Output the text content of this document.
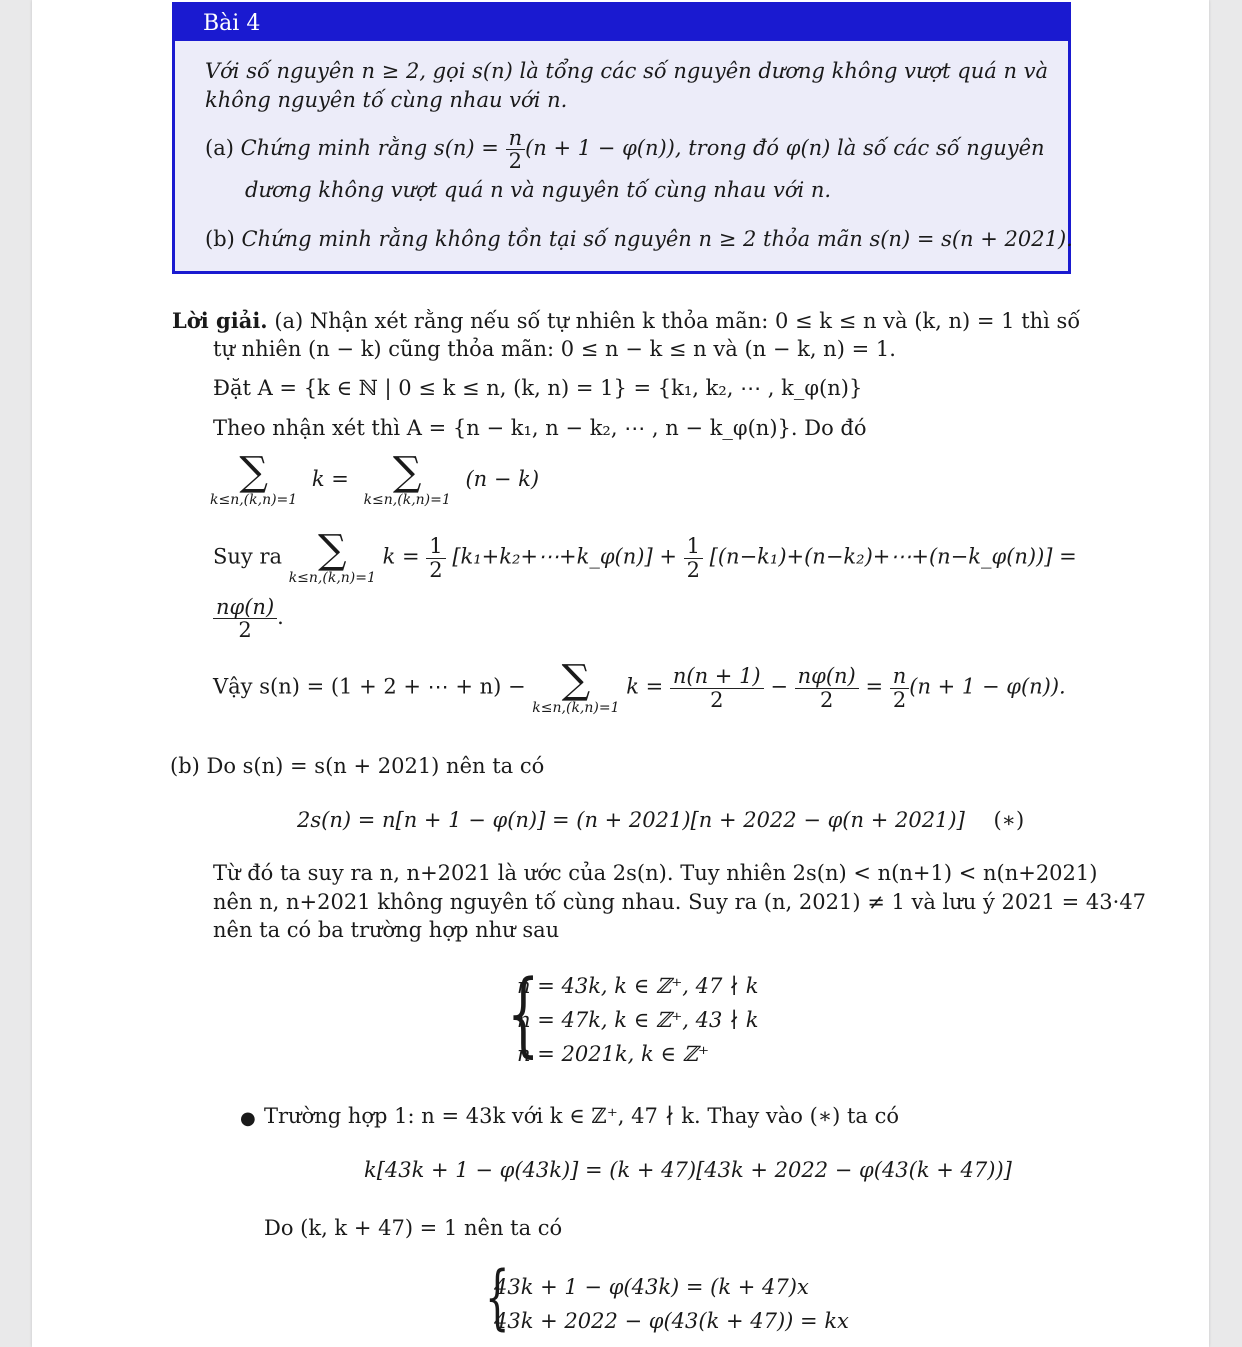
Bài 4
Với số nguyên n ≥ 2, gọi s(n) là tổng các số nguyên dương không vượt quá n và
không nguyên tố cùng nhau với n.
(a) Chứng minh rằng $s(n) = \frac{n}{2} (n + 1 - \varphi(n))$, trong đó φ(n) là số các số nguyên
dương không vượt quá n và nguyên tố cùng nhau với n.
(b) Chứng minh rằng không tồn tại số nguyên n ≥ 2 thỏa mãn s(n) = s(n + 2021).
Lời giải. (a) Nhận xét rằng nếu số tự nhiên k thỏa mãn: 0 ≤ k ≤ n và (k, n) = 1 thì số
tự nhiên (n − k) cũng thỏa mãn: 0 ≤ n − k ≤ n và (n − k, n) = 1.
Đặt A = {k ∈ ℕ | 0 ≤ k ≤ n, (k, n) = 1} = {k₁, k₂, ⋯ , k_φ(n)}
Theo nhận xét thì A = {n − k₁, n − k₂, ⋯ , n − k_φ(n)}. Do đó
∑
k≤n,(k,n)=1
k =	∑
k≤n,(k,n)=1
(n − k)
Suy ra ∑
k≤n,(k,n)=1
$k = \frac{1}{2}$ [k₁+k₂+⋯+k_φ(n)] + $\frac{1}{2}$ [(n−k₁)+(n−k₂)+⋯+(n−k_φ(n))] =
$\frac{n\varphi(n)}{2}$ .
Vậy s(n) = (1 + 2 + ⋯ + n) − ∑
k≤n,(k,n)=1
$k = \frac{n(n + 1)}{2} - \frac{n\varphi(n)}{2} = \frac{n}{2} (n + 1 - \varphi(n))$.
(b) Do s(n) = s(n + 2021) nên ta có
2s(n) = n[n + 1 − φ(n)] = (n + 2021)[n + 2022 − φ(n + 2021)] (∗)
Từ đó ta suy ra n, n+2021 là ước của 2s(n). Tuy nhiên 2s(n) < n(n+1) < n(n+2021)
nên n, n+2021 không nguyên tố cùng nhau. Suy ra (n, 2021) ≠ 1 và lưu ý 2021 = 43·47
nên ta có ba trường hợp như sau
{
n = 43k, k ∈ ℤ⁺, 47 ∤ k
n = 47k, k ∈ ℤ⁺, 43 ∤ k
n = 2021k, k ∈ ℤ⁺
● Trường hợp 1: n = 43k với k ∈ ℤ⁺, 47 ∤ k. Thay vào (∗) ta có
k[43k + 1 − φ(43k)] = (k + 47)[43k + 2022 − φ(43(k + 47))]
Do (k, k + 47) = 1 nên ta có
{
43k + 1 − φ(43k) = (k + 47)x
43k + 2022 − φ(43(k + 47)) = kx
